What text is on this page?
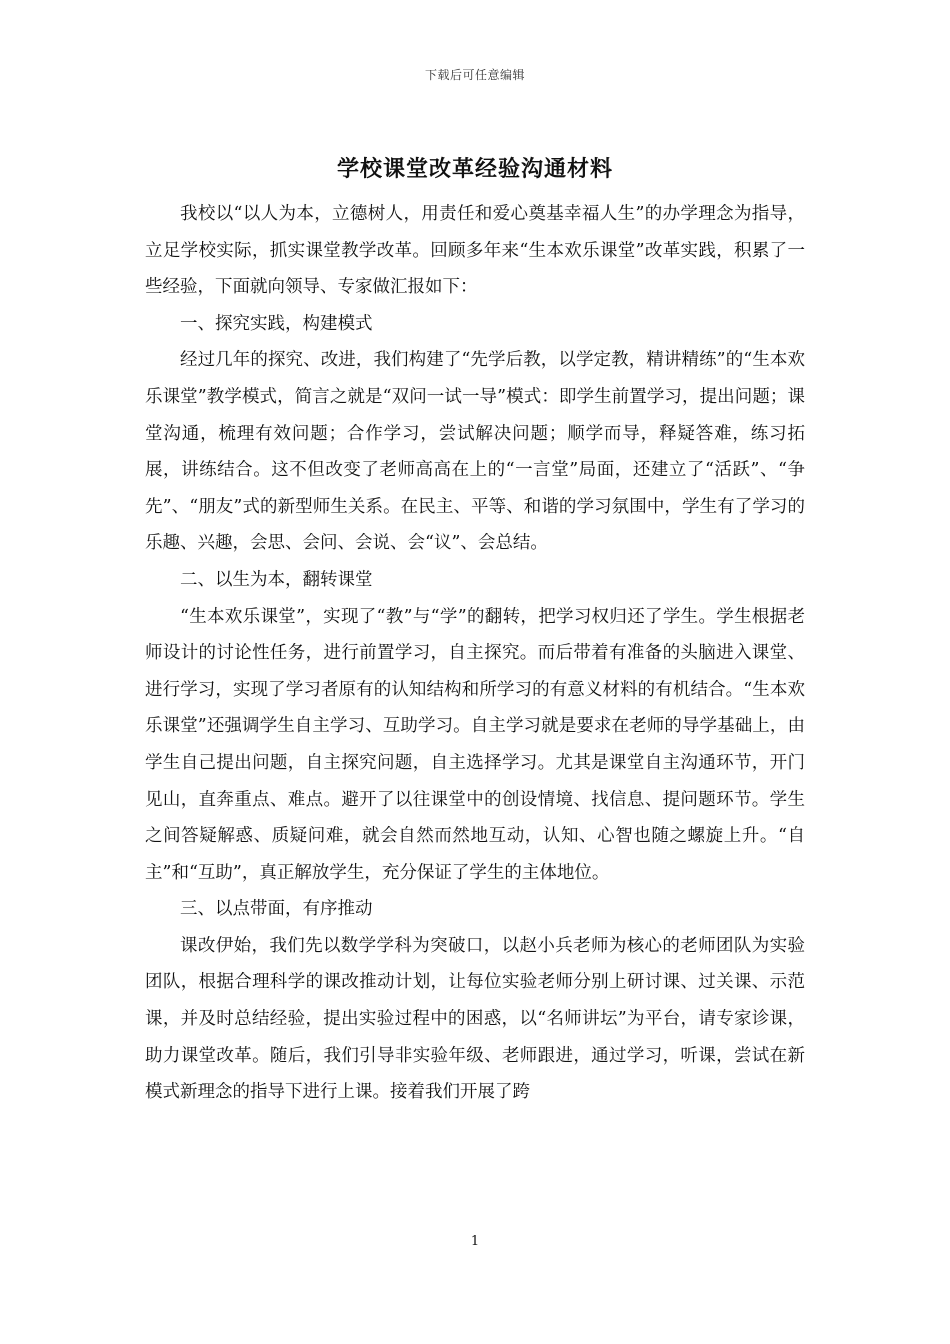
下载后可任意编辑
学校课堂改革经验沟通材料

我校以“以人为本，立德树人，用责任和爱心奠基幸福人生”的办学理念为指导，立足学校实际，抓实课堂教学改革。回顾多年来“生本欢乐课堂”改革实践，积累了一些经验，下面就向领导、专家做汇报如下：

一、探究实践，构建模式

经过几年的探究、改进，我们构建了“先学后教，以学定教，精讲精练”的“生本欢乐课堂”教学模式，简言之就是“双问一试一导”模式：即学生前置学习，提出问题；课堂沟通，梳理有效问题；合作学习，尝试解决问题；顺学而导，释疑答难，练习拓展，讲练结合。这不但改变了老师高高在上的“一言堂”局面，还建立了“活跃”、“争先”、“朋友”式的新型师生关系。在民主、平等、和谐的学习氛围中，学生有了学习的乐趣、兴趣，会思、会问、会说、会“议”、会总结。

二、以生为本，翻转课堂

“生本欢乐课堂”，实现了“教”与“学”的翻转，把学习权归还了学生。学生根据老师设计的讨论性任务，进行前置学习，自主探究。而后带着有准备的头脑进入课堂、进行学习，实现了学习者原有的认知结构和所学习的有意义材料的有机结合。“生本欢乐课堂”还强调学生自主学习、互助学习。自主学习就是要求在老师的导学基础上，由学生自己提出问题，自主探究问题，自主选择学习。尤其是课堂自主沟通环节，开门见山，直奔重点、难点。避开了以往课堂中的创设情境、找信息、提问题环节。学生之间答疑解惑、质疑问难，就会自然而然地互动，认知、心智也随之螺旋上升。“自主”和“互助”，真正解放学生，充分保证了学生的主体地位。

三、以点带面，有序推动

课改伊始，我们先以数学学科为突破口，以赵小兵老师为核心的老师团队为实验团队，根据合理科学的课改推动计划，让每位实验老师分别上研讨课、过关课、示范课，并及时总结经验，提出实验过程中的困惑，以“名师讲坛”为平台，请专家诊课，助力课堂改革。随后，我们引导非实验年级、老师跟进，通过学习，听课，尝试在新模式新理念的指导下进行上课。接着我们开展了跨

1
